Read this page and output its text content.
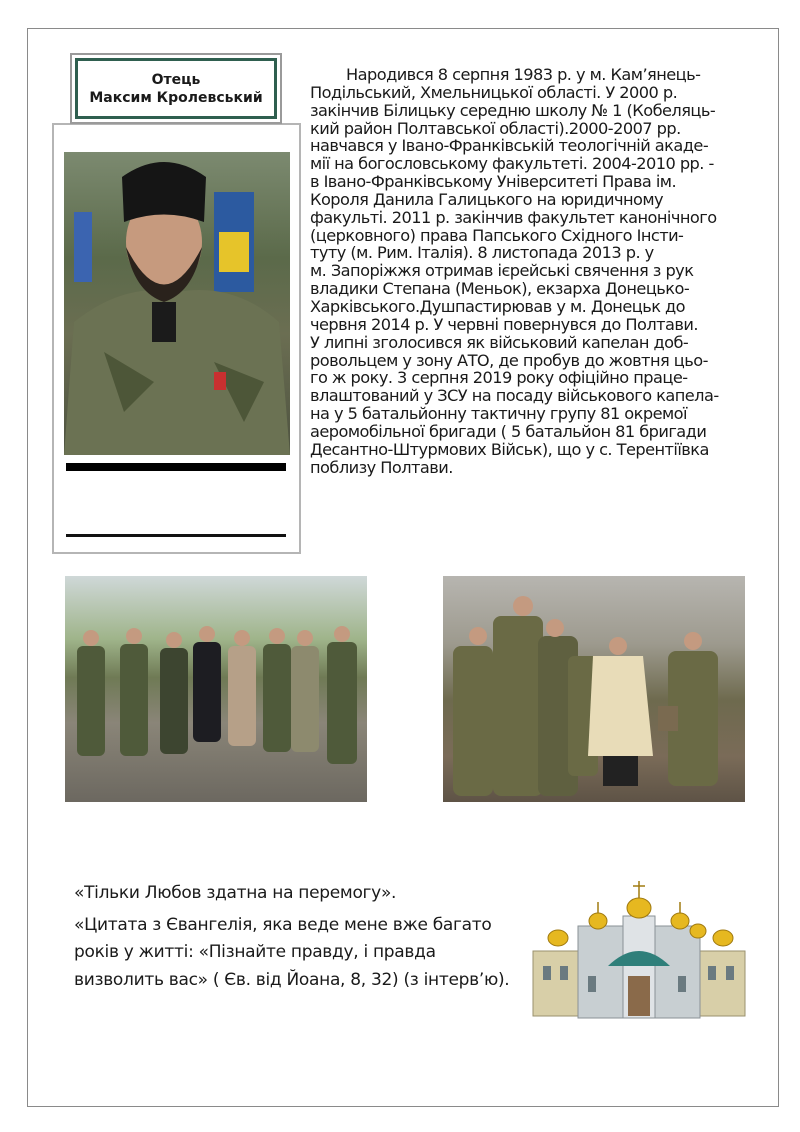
Отець
Максим Кролевський
Народився 8 серпня 1983 р. у м. Кам’янець-
Подільський, Хмельницької області. У 2000 р.
закінчив Білицьку середню школу № 1 (Кобеляць-
кий район Полтавської області).2000-2007 рр.
навчався у Івано-Франківській теологічній акаде-
мії на богословському факультеті. 2004-2010 рр. -
в Івано-Франківському Університеті Права ім.
Короля Данила Галицького на юридичному
факульті. 2011 р. закінчив факультет канонічного
(церковного) права Папського Східного Інсти-
туту (м. Рим. Італія). 8 листопада 2013 р. у
м. Запоріжжя отримав ієрейські свячення з рук
владики Степана (Меньок), екзарха Донецько-
Харківського.Душпастирював у м. Донецьк до
червня 2014 р. У червні повернувся до Полтави.
У липні зголосився як військовий капелан доб-
ровольцем у зону АТО, де пробув до жовтня цьо-
го ж року. 3 серпня 2019 року офіційно праце-
влаштований у ЗСУ на посаду військового капела-
на у 5 батальйонну тактичну групу 81 окремої
аеромобільної бригади ( 5 батальйон 81 бригади
Десантно-Штурмових Військ), що у с. Терентіївка
поблизу Полтави.
«Тільки Любов здатна на перемогу».
«Цитата з Євангелія, яка веде мене вже багато
років у житті: «Пізнайте правду, і правда
визволить вас» ( Єв. від Йоана, 8, 32) (з інтерв’ю).
